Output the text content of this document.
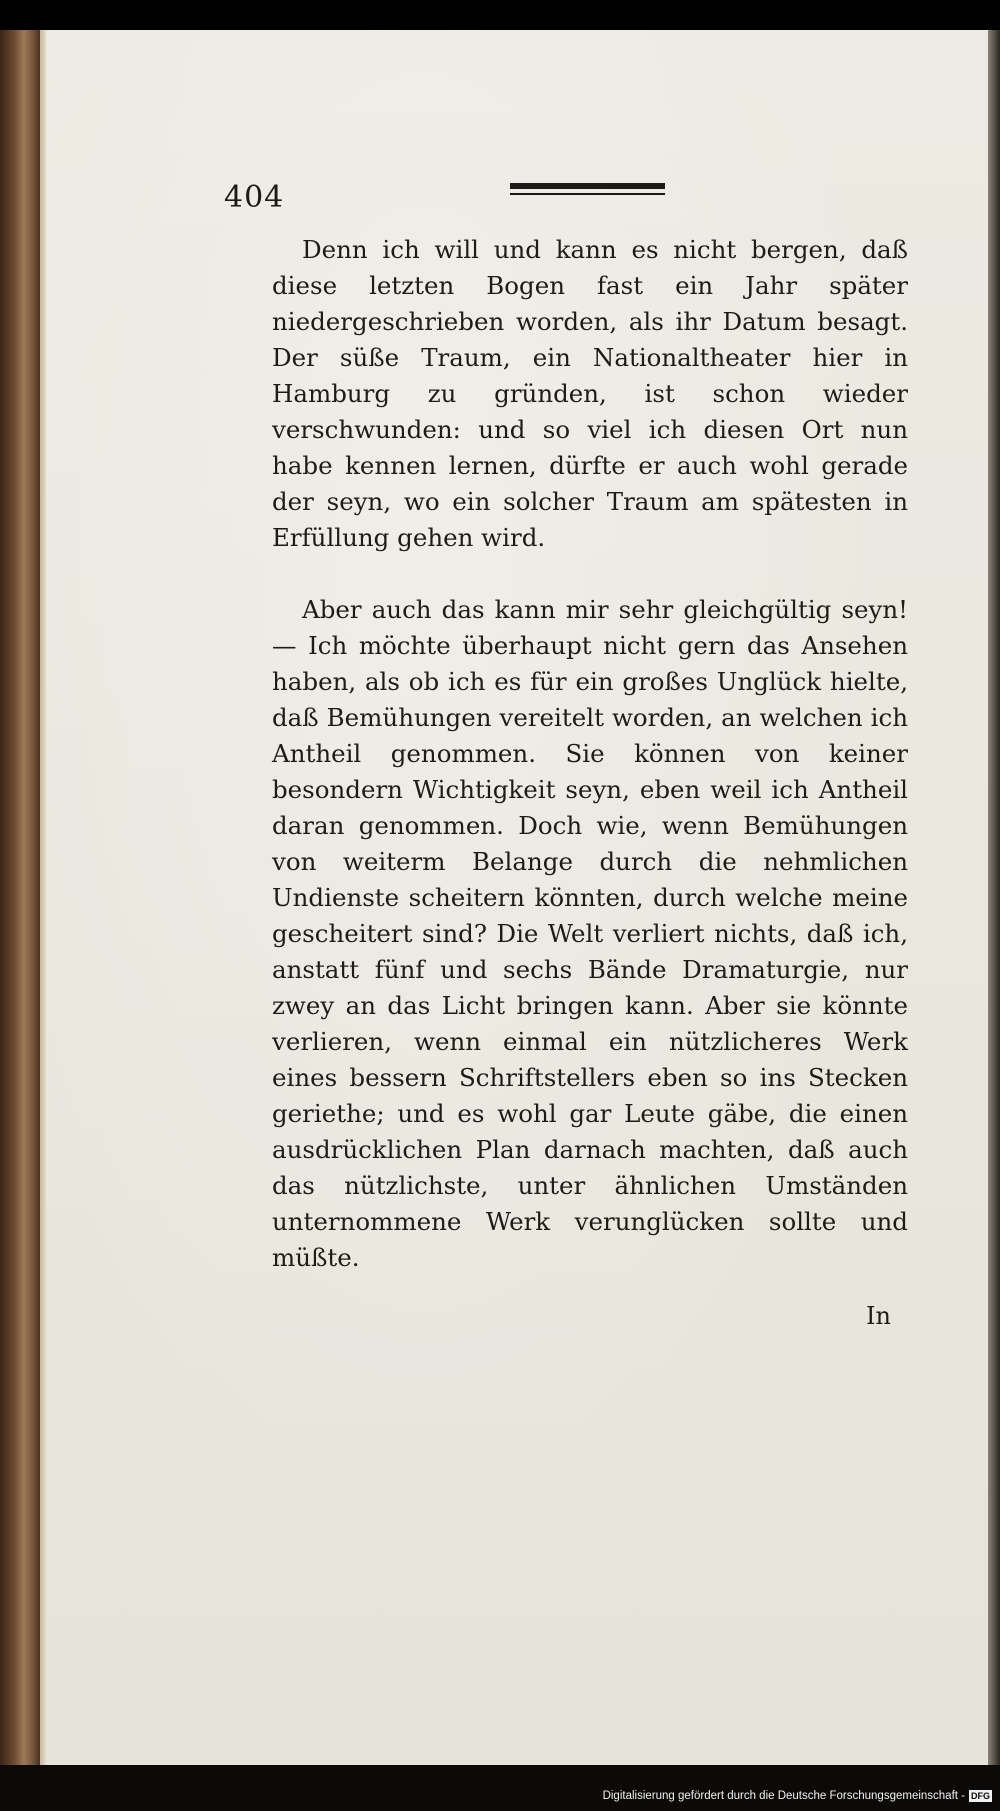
404

Denn ich will und kann es nicht bergen, daß diese letzten Bogen fast ein Jahr später niedergeschrieben worden, als ihr Datum besagt. Der süße Traum, ein Nationaltheater hier in Hamburg zu gründen, ist schon wieder verschwunden: und so viel ich diesen Ort nun habe kennen lernen, dürfte er auch wohl gerade der seyn, wo ein solcher Traum am spätesten in Erfüllung gehen wird.

Aber auch das kann mir sehr gleichgültig seyn! — Ich möchte überhaupt nicht gern das Ansehen haben, als ob ich es für ein großes Unglück hielte, daß Bemühungen vereitelt worden, an welchen ich Antheil genommen. Sie können von keiner besondern Wichtigkeit seyn, eben weil ich Antheil daran genommen. Doch wie, wenn Bemühungen von weiterm Belange durch die nehmlichen Undienste scheitern könnten, durch welche meine gescheitert sind? Die Welt verliert nichts, daß ich, anstatt fünf und sechs Bände Dramaturgie, nur zwey an das Licht bringen kann. Aber sie könnte verlieren, wenn einmal ein nützlicheres Werk eines bessern Schriftstellers eben so ins Stecken geriethe; und es wohl gar Leute gäbe, die einen ausdrücklichen Plan darnach machten, daß auch das nützlichste, unter ähnlichen Umständen unternommene Werk verunglücken sollte und müßte.

In
Digitalisierung gefördert durch die Deutsche Forschungsgemeinschaft - DFG
